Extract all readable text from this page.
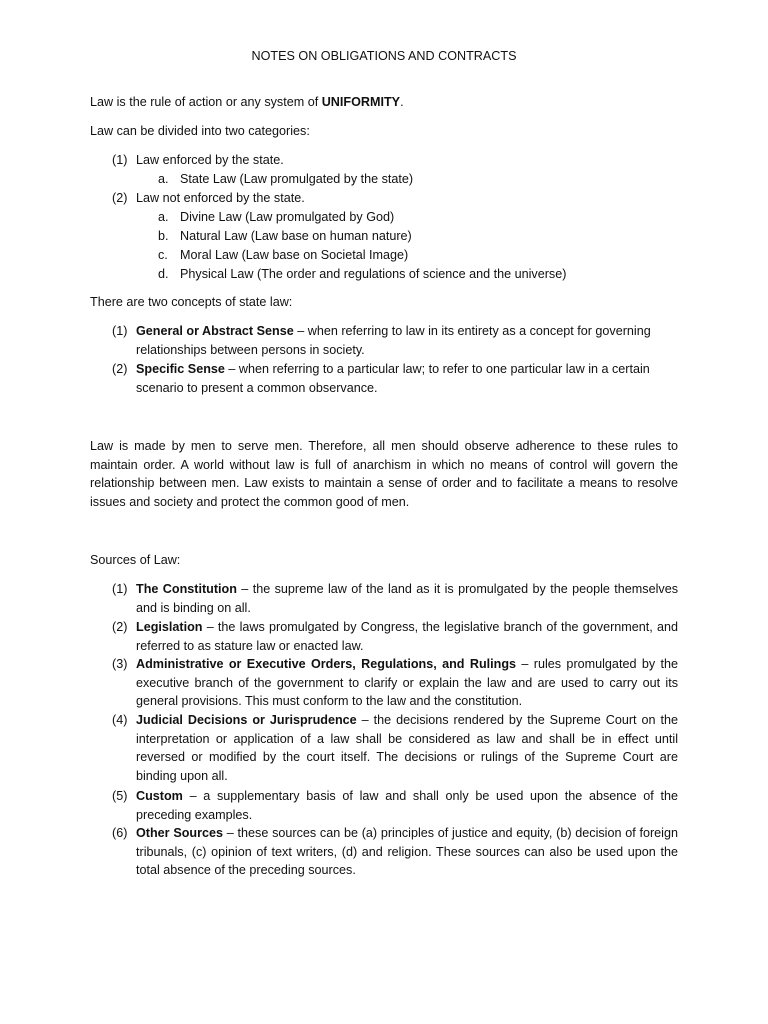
NOTES ON OBLIGATIONS AND CONTRACTS

Law is the rule of action or any system of UNIFORMITY.

Law can be divided into two categories:

(1) Law enforced by the state.
a. State Law (Law promulgated by the state)
(2) Law not enforced by the state.
a. Divine Law (Law promulgated by God)
b. Natural Law (Law base on human nature)
c. Moral Law (Law base on Societal Image)
d. Physical Law (The order and regulations of science and the universe)

There are two concepts of state law:

(1) General or Abstract Sense – when referring to law in its entirety as a concept for governing relationships between persons in society.
(2) Specific Sense – when referring to a particular law; to refer to one particular law in a certain scenario to present a common observance.

Law is made by men to serve men. Therefore, all men should observe adherence to these rules to maintain order. A world without law is full of anarchism in which no means of control will govern the relationship between men. Law exists to maintain a sense of order and to facilitate a means to resolve issues and society and protect the common good of men.

Sources of Law:

(1) The Constitution – the supreme law of the land as it is promulgated by the people themselves and is binding on all.
(2) Legislation – the laws promulgated by Congress, the legislative branch of the government, and referred to as stature law or enacted law.
(3) Administrative or Executive Orders, Regulations, and Rulings – rules promulgated by the executive branch of the government to clarify or explain the law and are used to carry out its general provisions. This must conform to the law and the constitution.
(4) Judicial Decisions or Jurisprudence – the decisions rendered by the Supreme Court on the interpretation or application of a law shall be considered as law and shall be in effect until reversed or modified by the court itself. The decisions or rulings of the Supreme Court are binding upon all.
(5) Custom – a supplementary basis of law and shall only be used upon the absence of the preceding examples.
(6) Other Sources – these sources can be (a) principles of justice and equity, (b) decision of foreign tribunals, (c) opinion of text writers, (d) and religion. These sources can also be used upon the total absence of the preceding sources.
